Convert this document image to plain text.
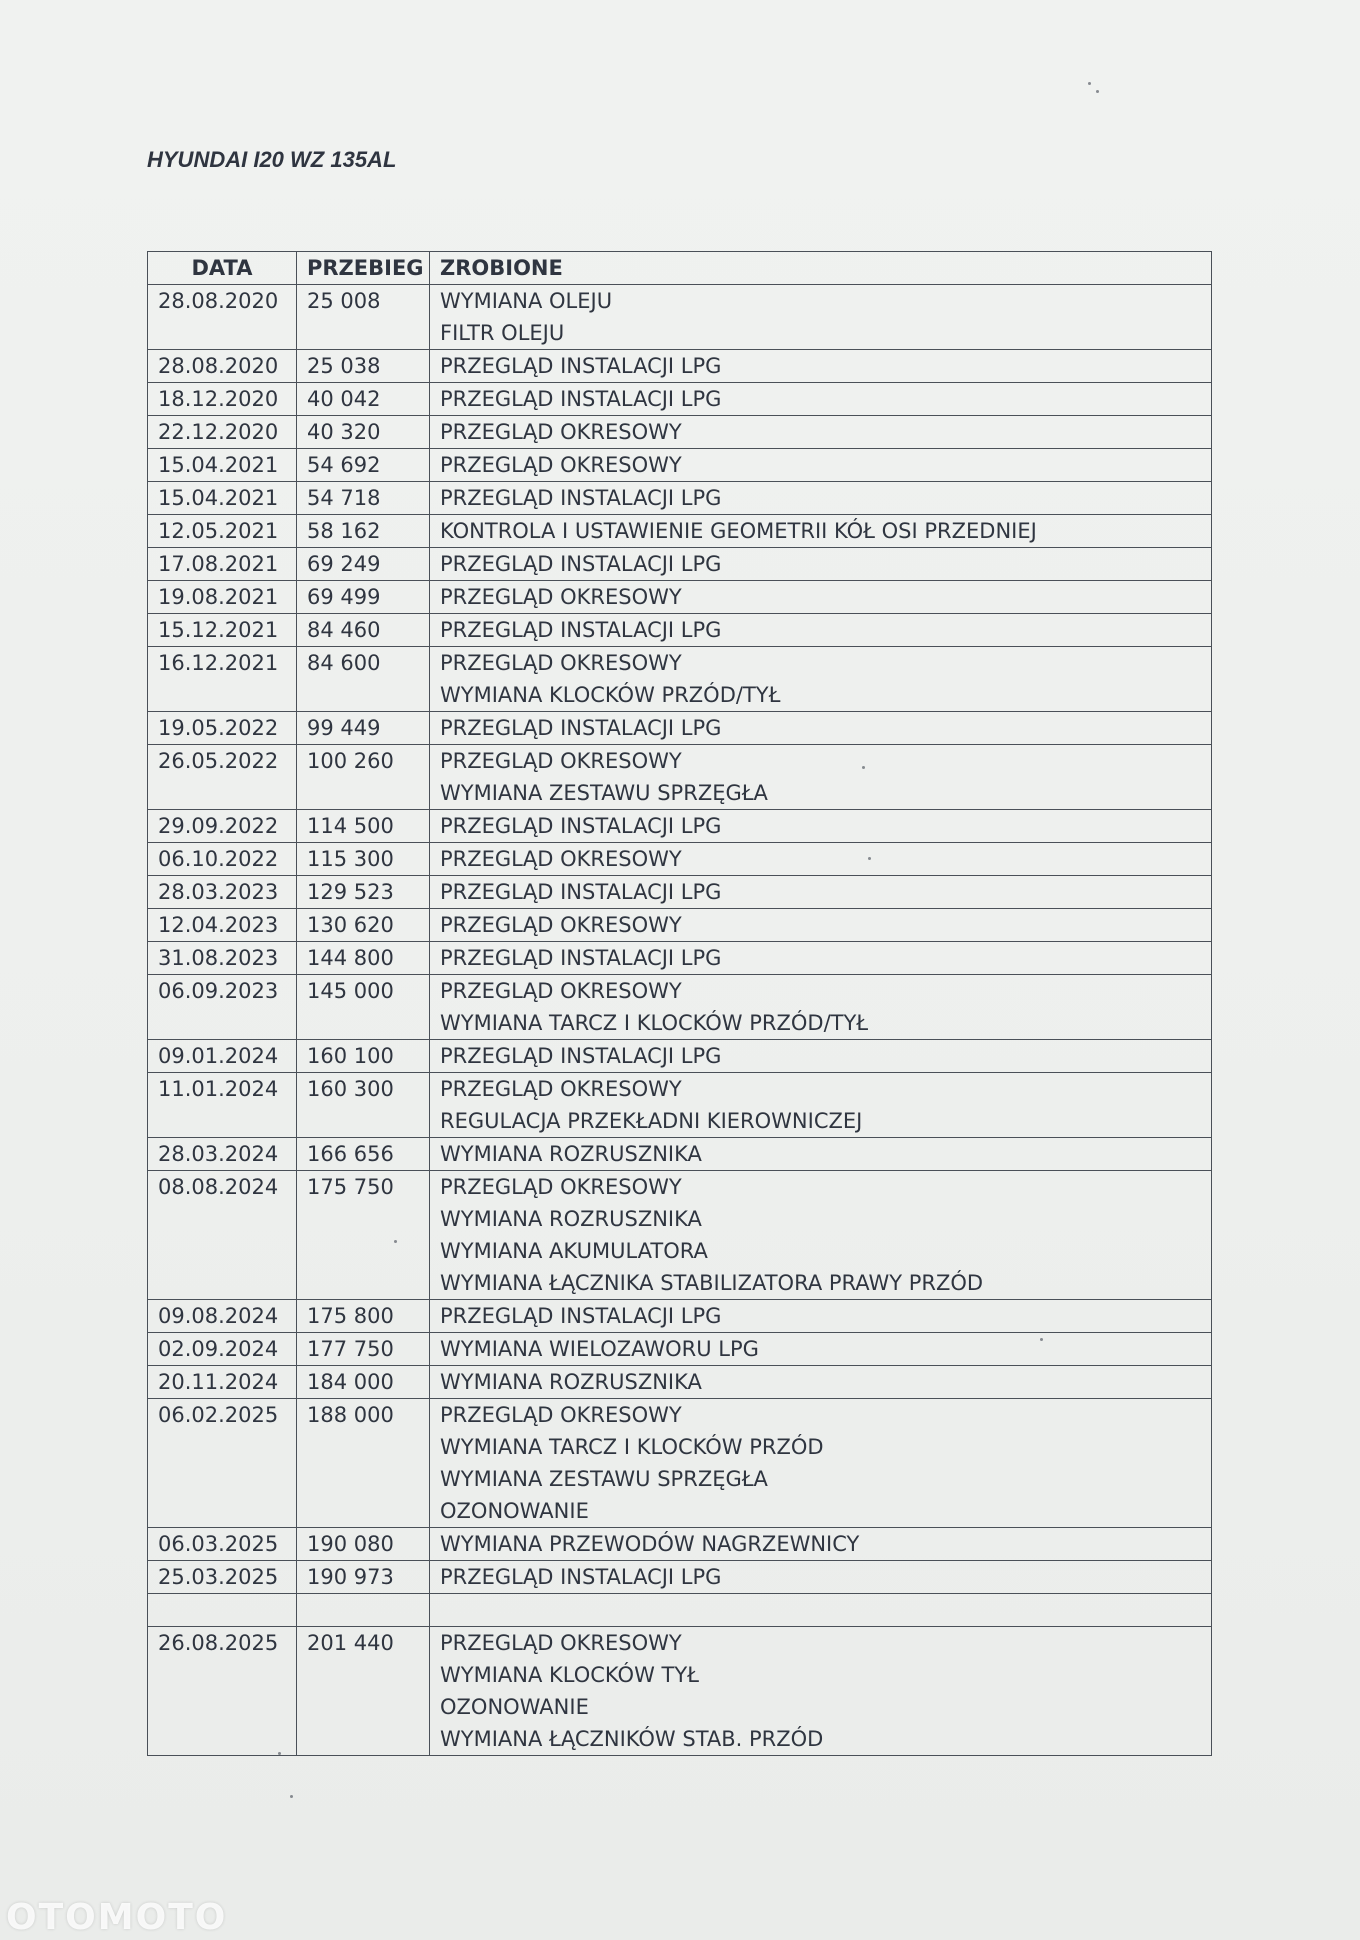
HYUNDAI I20 WZ 135AL
DATA	PRZEBIEG	ZROBIONE
28.08.2020	25 008	WYMIANA OLEJU
FILTR OLEJU

28.08.2020	25 038	PRZEGLĄD INSTALACJI LPG

18.12.2020	40 042	PRZEGLĄD INSTALACJI LPG

22.12.2020	40 320	PRZEGLĄD OKRESOWY

15.04.2021	54 692	PRZEGLĄD OKRESOWY

15.04.2021	54 718	PRZEGLĄD INSTALACJI LPG

12.05.2021	58 162	KONTROLA I USTAWIENIE GEOMETRII KÓŁ OSI PRZEDNIEJ

17.08.2021	69 249	PRZEGLĄD INSTALACJI LPG

19.08.2021	69 499	PRZEGLĄD OKRESOWY

15.12.2021	84 460	PRZEGLĄD INSTALACJI LPG

16.12.2021	84 600	PRZEGLĄD OKRESOWY
WYMIANA KLOCKÓW PRZÓD/TYŁ

19.05.2022	99 449	PRZEGLĄD INSTALACJI LPG

26.05.2022	100 260	PRZEGLĄD OKRESOWY
WYMIANA ZESTAWU SPRZĘGŁA

29.09.2022	114 500	PRZEGLĄD INSTALACJI LPG

06.10.2022	115 300	PRZEGLĄD OKRESOWY

28.03.2023	129 523	PRZEGLĄD INSTALACJI LPG

12.04.2023	130 620	PRZEGLĄD OKRESOWY

31.08.2023	144 800	PRZEGLĄD INSTALACJI LPG

06.09.2023	145 000	PRZEGLĄD OKRESOWY
WYMIANA TARCZ I KLOCKÓW PRZÓD/TYŁ

09.01.2024	160 100	PRZEGLĄD INSTALACJI LPG

11.01.2024	160 300	PRZEGLĄD OKRESOWY
REGULACJA PRZEKŁADNI KIEROWNICZEJ

28.03.2024	166 656	WYMIANA ROZRUSZNIKA

08.08.2024	175 750	PRZEGLĄD OKRESOWY
WYMIANA ROZRUSZNIKA
WYMIANA AKUMULATORA
WYMIANA ŁĄCZNIKA STABILIZATORA PRAWY PRZÓD

09.08.2024	175 800	PRZEGLĄD INSTALACJI LPG

02.09.2024	177 750	WYMIANA WIELOZAWORU LPG

20.11.2024	184 000	WYMIANA ROZRUSZNIKA

06.02.2025	188 000	PRZEGLĄD OKRESOWY
WYMIANA TARCZ I KLOCKÓW PRZÓD
WYMIANA ZESTAWU SPRZĘGŁA
OZONOWANIE

06.03.2025	190 080	WYMIANA PRZEWODÓW NAGRZEWNICY

25.03.2025	190 973	PRZEGLĄD INSTALACJI LPG

26.08.2025	201 440	PRZEGLĄD OKRESOWY
WYMIANA KLOCKÓW TYŁ
OZONOWANIE
WYMIANA ŁĄCZNIKÓW STAB. PRZÓD
OTOMOTO
